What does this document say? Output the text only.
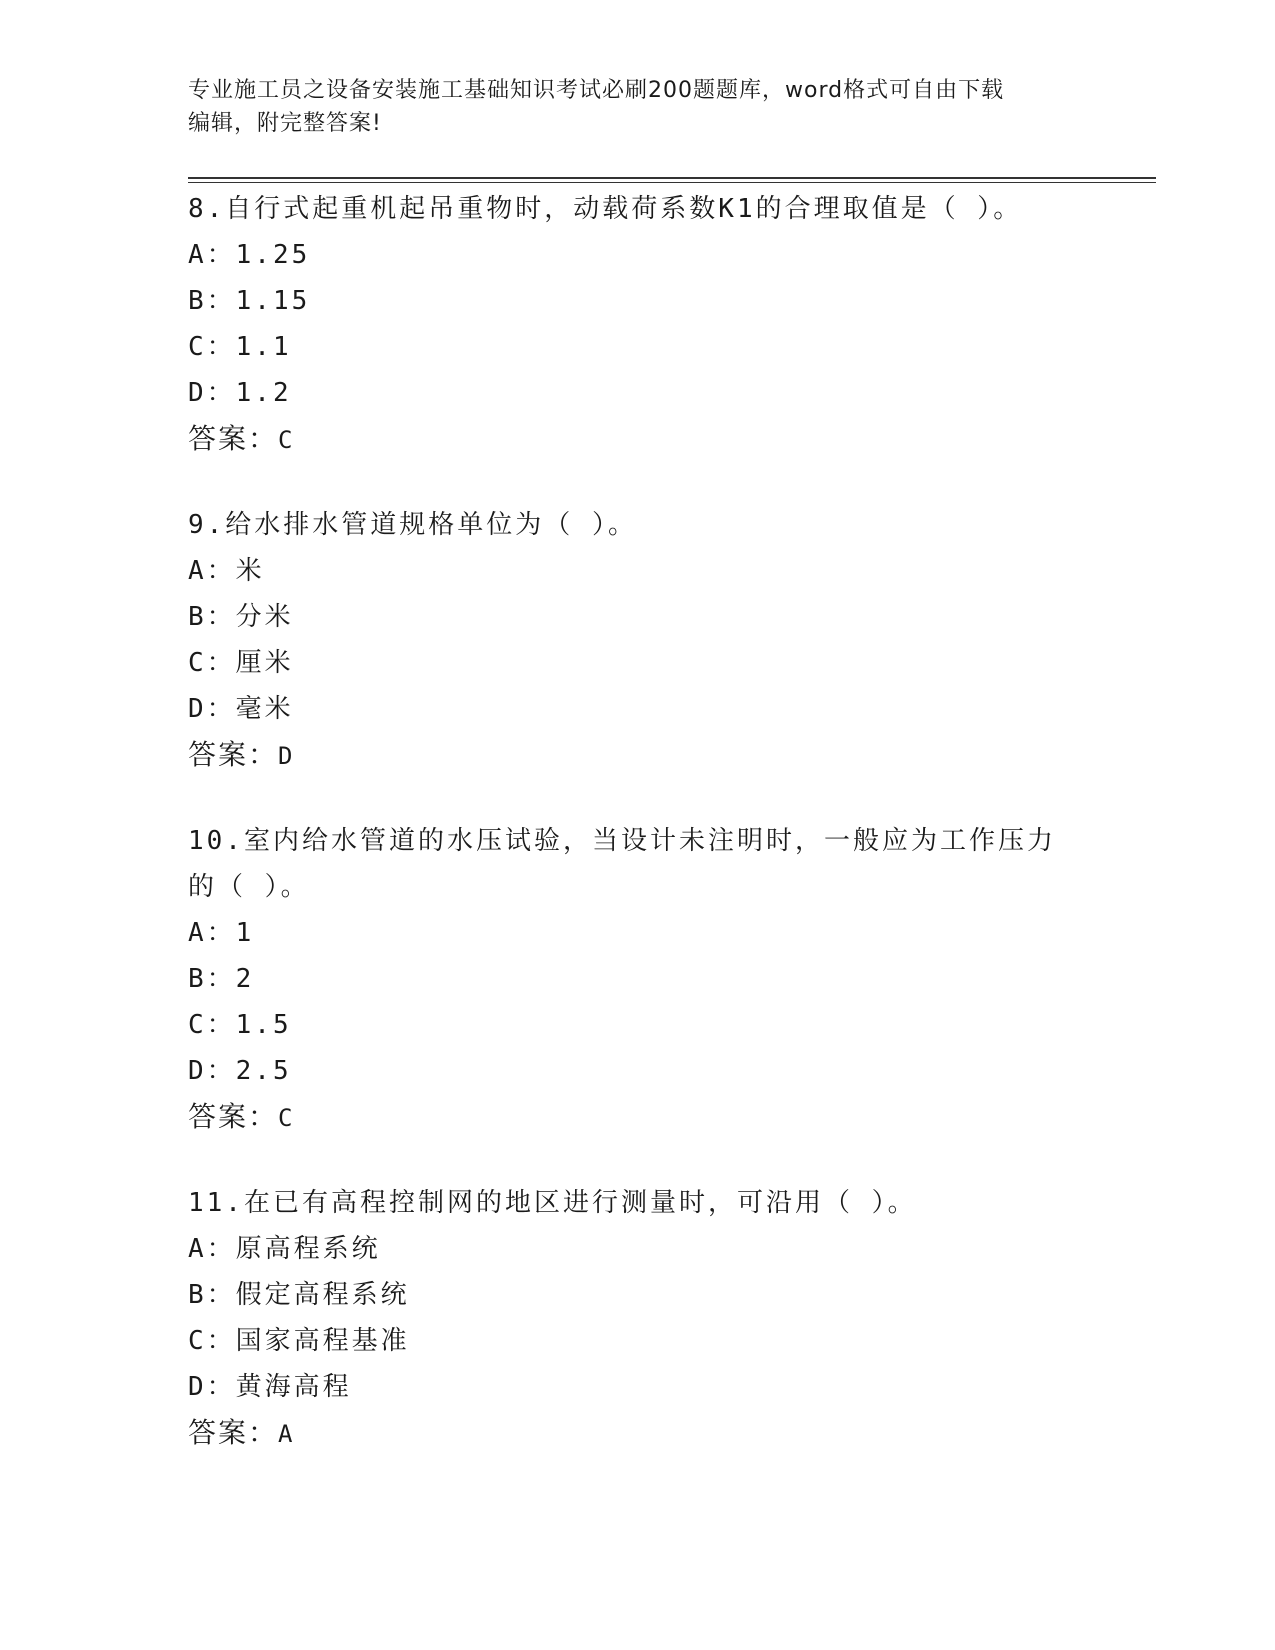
专业施工员之设备安装施工基础知识考试必刷200题题库，word格式可自由下载
编辑，附完整答案!

8.自行式起重机起吊重物时，动载荷系数K1的合理取值是（ ）。

A：1.25

B：1.15

C：1.1

D：1.2

答案：C

9.给水排水管道规格单位为（ ）。

A：米

B：分米

C：厘米

D：毫米

答案：D

10.室内给水管道的水压试验，当设计未注明时，一般应为工作压力的（ ）。

A：1

B：2

C：1.5

D：2.5

答案：C

11.在已有高程控制网的地区进行测量时，可沿用（ ）。

A：原高程系统

B：假定高程系统

C：国家高程基准

D：黄海高程

答案：A
